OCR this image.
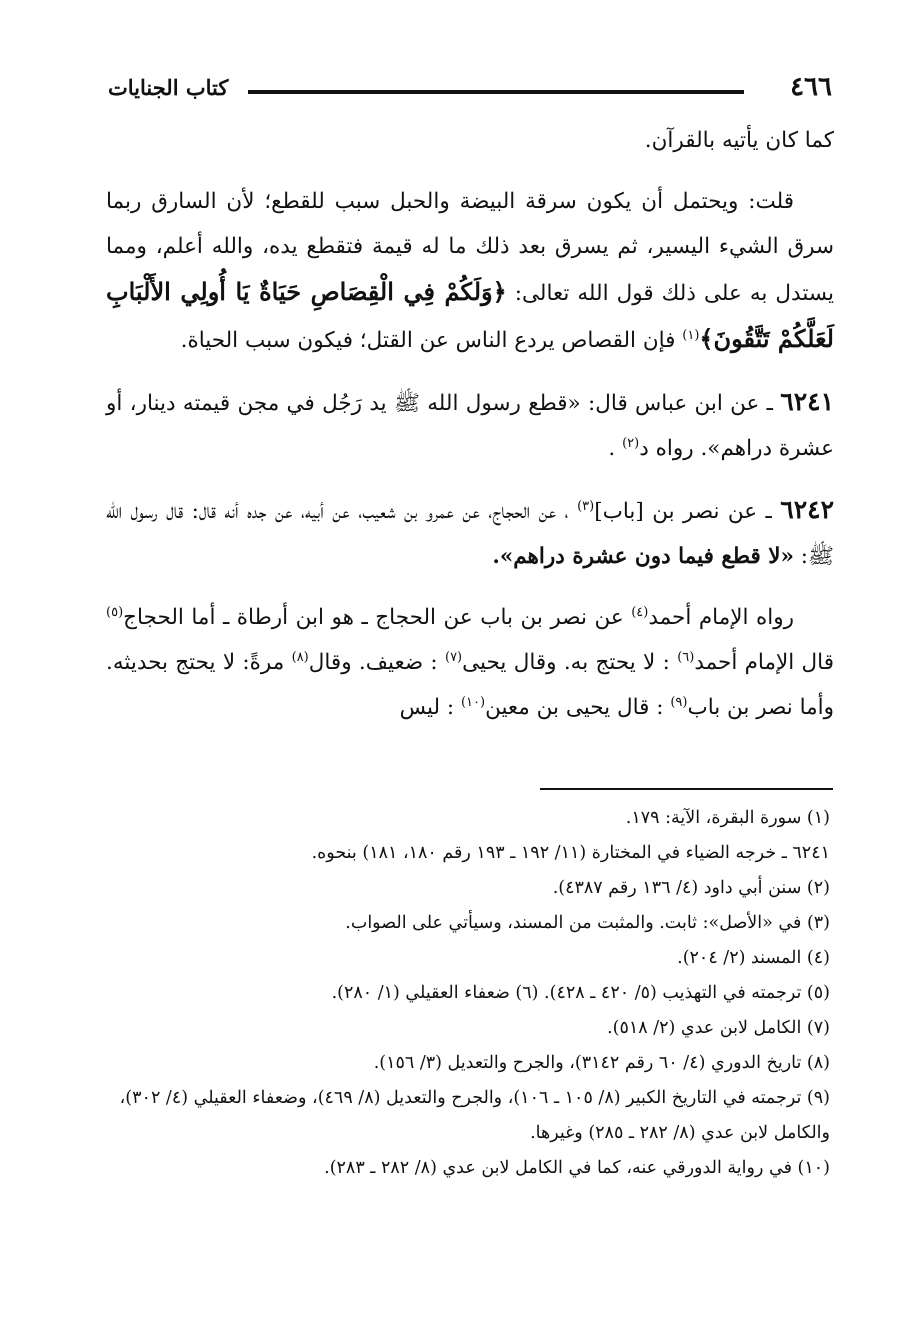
٤٦٦
كتاب الجنايات

كما كان يأتيه بالقرآن.

قلت: ويحتمل أن يكون سرقة البيضة والحبل سبب للقطع؛ لأن السارق ربما سرق الشيء اليسير، ثم يسرق بعد ذلك ما له قيمة فتقطع يده، والله أعلم، ومما يستدل به على ذلك قول الله تعالى: ﴿وَلَكُمْ فِي الْقِصَاصِ حَيَاةٌ يَا أُولِي الأَلْبَابِ لَعَلَّكُمْ تَتَّقُونَ﴾$^{(١)}$ فإن القصاص يردع الناس عن القتل؛ فيكون سبب الحياة.

٦٢٤١ ـ عن ابن عباس قال: «قطع رسول الله ﷺ يد رَجُل في مجن قيمته دينار، أو عشرة دراهم». رواه د$^{(٢)}$ .

٦٢٤٢ ـ عن نصر بن [باب]$^{(٣)}$ ، عن الحجاج، عن عمرو بن شعيب، عن أبيه، عن جده أنه قال: قال رسول الله ﷺ: «لا قطع فيما دون عشرة دراهم».

رواه الإمام أحمد$^{(٤)}$ عن نصر بن باب عن الحجاج ـ هو ابن أرطاة ـ أما الحجاج$^{(٥)}$ قال الإمام أحمد$^{(٦)}$ : لا يحتج به. وقال يحيى$^{(٧)}$ : ضعيف. وقال$^{(٨)}$ مرةً: لا يحتج بحديثه. وأما نصر بن باب$^{(٩)}$ : قال يحيى بن معين$^{(١٠)}$ : ليس

(١) سورة البقرة، الآية: ١٧٩.

٦٢٤١ ـ خرجه الضياء في المختارة (١١/ ١٩٢ ـ ١٩٣ رقم ١٨٠، ١٨١) بنحوه.

(٢) سنن أبي داود (٤/ ١٣٦ رقم ٤٣٨٧).

(٣) في «الأصل»: ثابت. والمثبت من المسند، وسيأتي على الصواب.

(٤) المسند (٢/ ٢٠٤).

(٥) ترجمته في التهذيب (٥/ ٤٢٠ ـ ٤٢٨). (٦) ضعفاء العقيلي (١/ ٢٨٠).

(٧) الكامل لابن عدي (٢/ ٥١٨).

(٨) تاريخ الدوري (٤/ ٦٠ رقم ٣١٤٢)، والجرح والتعديل (٣/ ١٥٦).

(٩) ترجمته في التاريخ الكبير (٨/ ١٠٥ ـ ١٠٦)، والجرح والتعديل (٨/ ٤٦٩)، وضعفاء العقيلي (٤/ ٣٠٢)، والكامل لابن عدي (٨/ ٢٨٢ ـ ٢٨٥) وغيرها.

(١٠) في رواية الدورقي عنه، كما في الكامل لابن عدي (٨/ ٢٨٢ ـ ٢٨٣).
